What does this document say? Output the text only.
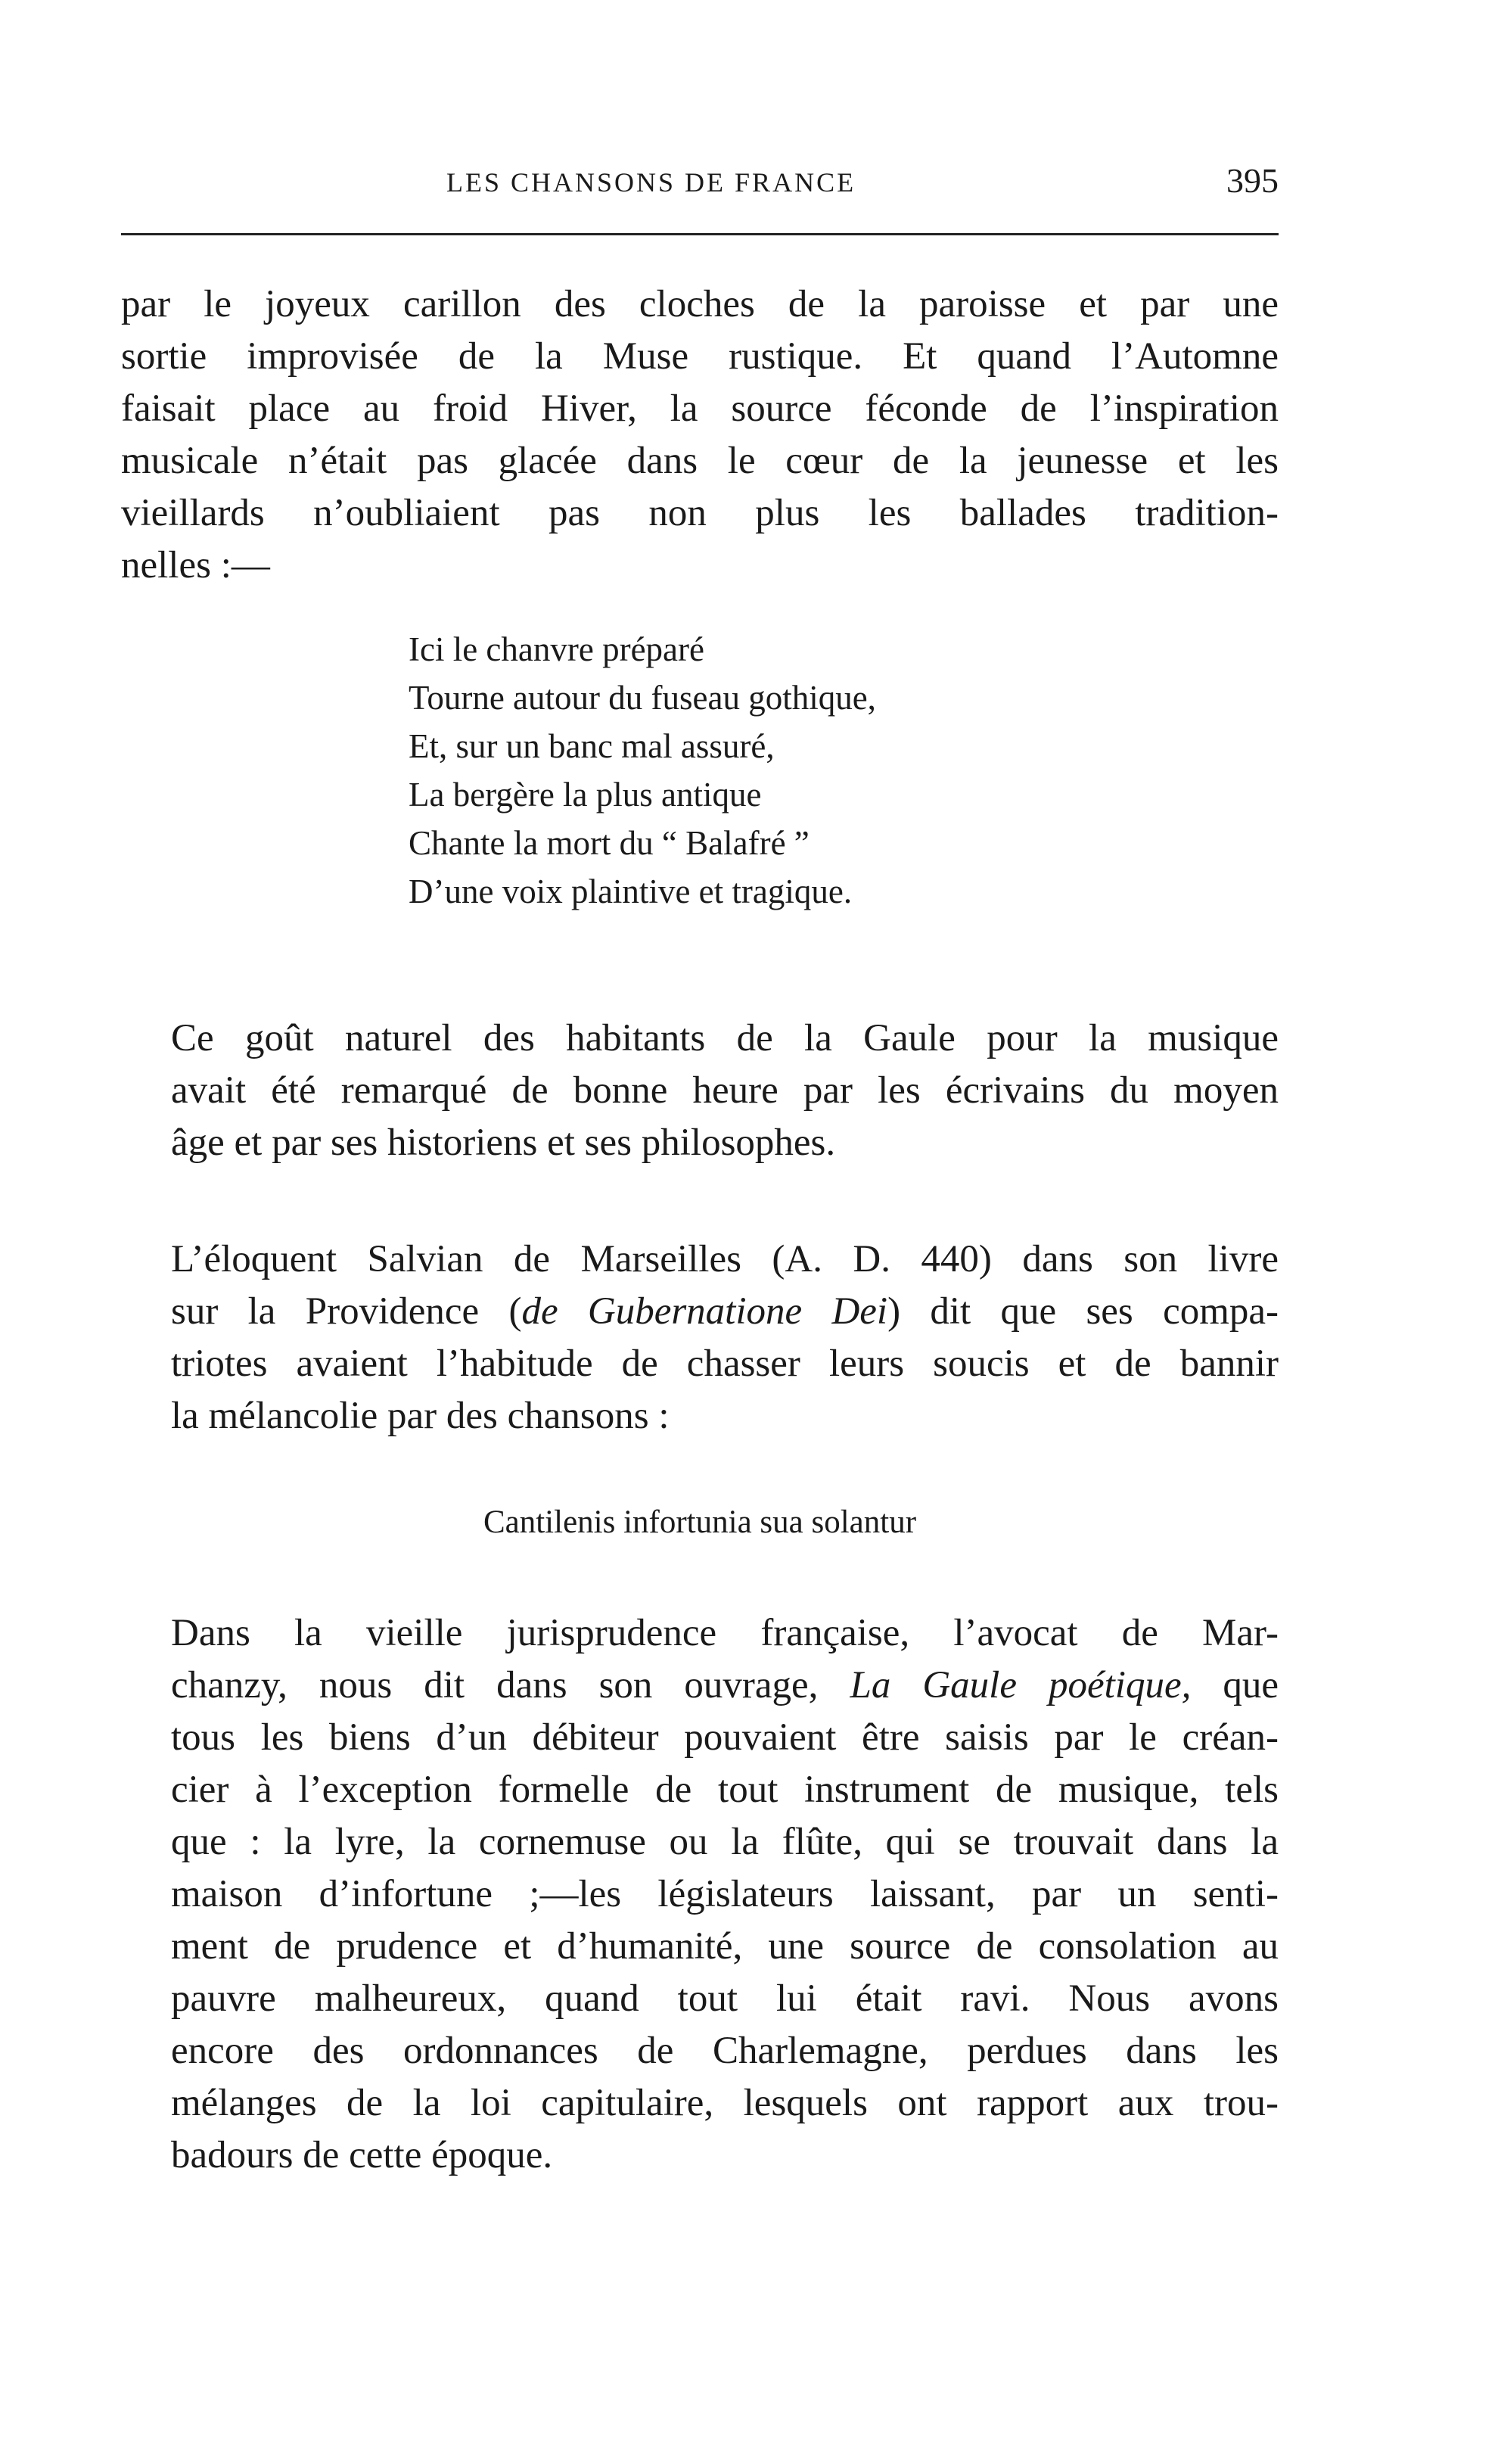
LES CHANSONS DE FRANCE	395

par le joyeux carillon des cloches de la paroisse et par une
sortie improvisée de la Muse rustique. Et quand l’Automne
faisait place au froid Hiver, la source féconde de l’inspiration
musicale n’était pas glacée dans le cœur de la jeunesse et les
vieillards n’oubliaient pas non plus les ballades tradition-
nelles :—

Ici le chanvre préparé
Tourne autour du fuseau gothique,
Et, sur un banc mal assuré,
La bergère la plus antique
Chante la mort du “ Balafré ”
D’une voix plaintive et tragique.

Ce goût naturel des habitants de la Gaule pour la musique
avait été remarqué de bonne heure par les écrivains du moyen
âge et par ses historiens et ses philosophes.

L’éloquent Salvian de Marseilles (A. D. 440) dans son livre
sur la Providence (de Gubernatione Dei) dit que ses compa-
triotes avaient l’habitude de chasser leurs soucis et de bannir
la mélancolie par des chansons :

Cantilenis infortunia sua solantur

Dans la vieille jurisprudence française, l’avocat de Mar-
chanzy, nous dit dans son ouvrage, La Gaule poétique, que
tous les biens d’un débiteur pouvaient être saisis par le créan-
cier à l’exception formelle de tout instrument de musique, tels
que : la lyre, la cornemuse ou la flûte, qui se trouvait dans la
maison d’infortune ;—les législateurs laissant, par un senti-
ment de prudence et d’humanité, une source de consolation au
pauvre malheureux, quand tout lui était ravi. Nous avons
encore des ordonnances de Charlemagne, perdues dans les
mélanges de la loi capitulaire, lesquels ont rapport aux trou-
badours de cette époque.
